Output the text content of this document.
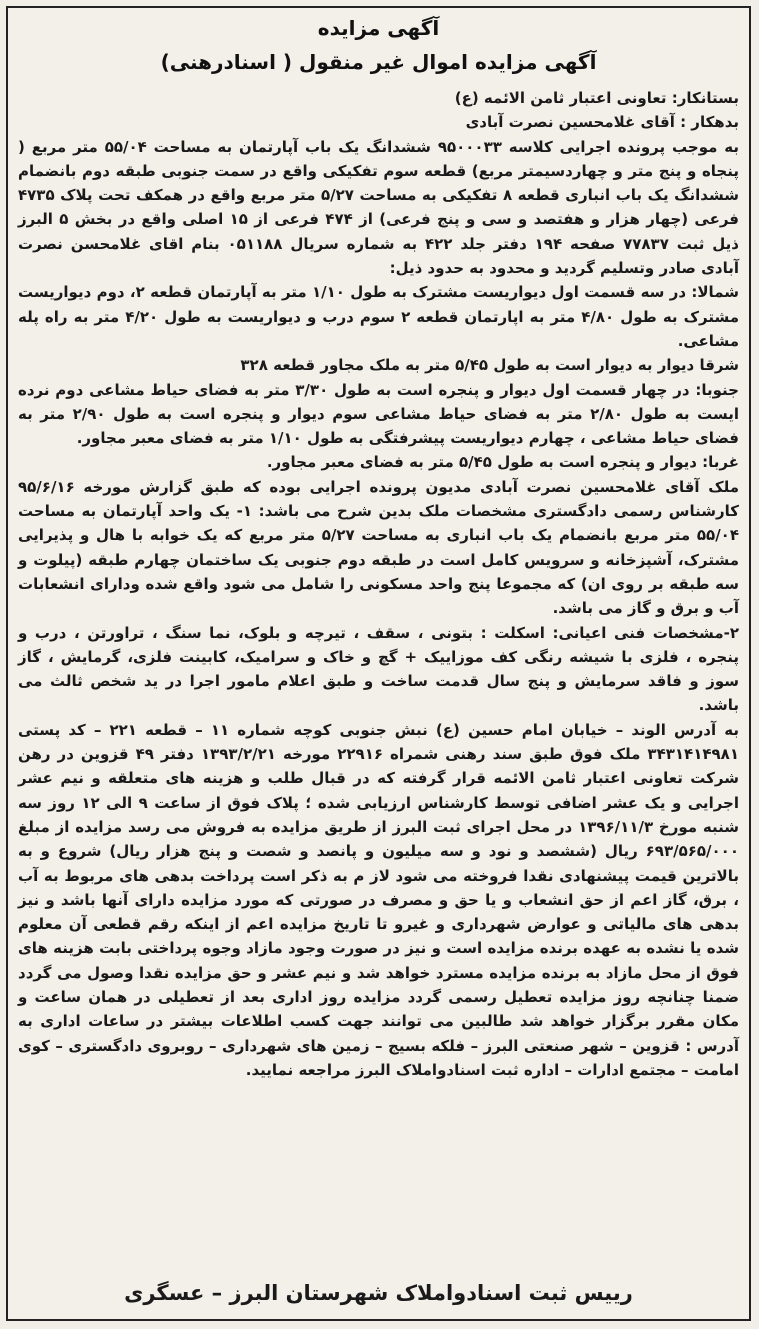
آگهی مزایده
آگهی مزایده اموال غیر منقول ( اسنادرهنی)

بستانکار: تعاونی اعتبار ثامن الائمه (ع)

بدهکار : آقای غلامحسین نصرت آبادی

به موجب پرونده اجرایی کلاسه ۹۵۰۰۰۳۳ ششدانگ یک باب آپارتمان به مساحت ۵۵/۰۴ متر مربع ( پنجاه و پنج متر و چهاردسیمتر مربع) قطعه سوم تفکیکی واقع در سمت جنوبی طبقه دوم بانضمام ششدانگ یک باب انباری قطعه ۸ تفکیکی به مساحت ۵/۲۷ متر مربع واقع در همکف تحت پلاک ۴۷۳۵ فرعی (چهار هزار و هفتصد و سی و پنج فرعی) از ۴۷۴ فرعی از ۱۵ اصلی واقع در بخش ۵ البرز ذیل ثبت ۷۷۸۳۷ صفحه ۱۹۴ دفتر جلد ۴۲۲ به شماره سریال ۰۵۱۱۸۸ بنام اقای غلامحسن نصرت آبادی صادر وتسلیم گردید و محدود به حدود ذیل:

شمالا: در سه قسمت اول دیواریست مشترک به طول ۱/۱۰ متر به آپارتمان قطعه ۲، دوم دیواریست مشترک به طول ۴/۸۰ متر به اپارتمان قطعه ۲ سوم درب و دیواریست به طول ۴/۲۰ متر به راه پله مشاعی.

شرقا دیوار به دیوار است به طول ۵/۴۵ متر به ملک مجاور قطعه ۳۲۸

جنوبا: در چهار قسمت اول دیوار و پنجره است به طول ۳/۳۰ متر به فضای حیاط مشاعی دوم نرده ایست به طول ۲/۸۰ متر به فضای حیاط مشاعی سوم دیوار و پنجره است به طول ۲/۹۰ متر به فضای حیاط مشاعی ، چهارم دیواریست پیشرفتگی به طول ۱/۱۰ متر به فضای معبر مجاور.

غربا: دیوار و پنجره است به طول ۵/۴۵ متر به فضای معبر مجاور.

ملک آقای غلامحسین نصرت آبادی مدیون پرونده اجرایی بوده که طبق گزارش مورخه ۹۵/۶/۱۶ کارشناس رسمی دادگستری مشخصات ملک بدین شرح می باشد: ۱- یک واحد آپارتمان به مساحت ۵۵/۰۴ متر مربع بانضمام یک باب انباری به مساحت ۵/۲۷ متر مربع که یک خوابه با هال و پذیرایی مشترک، آشپزخانه و سرویس کامل است در طبقه دوم جنوبی یک ساختمان چهارم طبقه (پیلوت و سه طبقه بر روی ان) که مجموعا پنج واحد مسکونی را شامل می شود واقع شده ودارای انشعابات آب و برق و گاز می باشد.

۲-مشخصات فنی اعیانی: اسکلت : بتونی ، سقف ، تیرچه و بلوک، نما سنگ ، تراورتن ، درب و پنجره ، فلزی با شیشه رنگی کف موزاییک + گچ و خاک و سرامیک، کابینت فلزی، گرمایش ، گاز سوز و فاقد سرمایش و پنج سال قدمت ساخت و طبق اعلام مامور اجرا در ید شخص ثالث می باشد.

به آدرس الوند – خیابان امام حسین (ع) نبش جنوبی کوچه شماره ۱۱ – قطعه ۲۲۱ – کد پستی ۳۴۳۱۴۱۴۹۸۱ ملک فوق طبق سند رهنی شمراه ۲۲۹۱۶ مورخه ۱۳۹۳/۲/۲۱ دفتر ۴۹ قزوین در رهن شرکت تعاونی اعتبار ثامن الائمه قرار گرفته که در قبال طلب و هزینه های متعلقه و نیم عشر اجرایی و یک عشر اضافی توسط کارشناس ارزیابی شده ؛ پلاک فوق از ساعت ۹ الی ۱۲ روز سه شنبه مورخ ۱۳۹۶/۱۱/۳ در محل اجرای ثبت البرز از طریق مزایده به فروش می رسد مزایده از مبلغ ۶۹۳/۵۶۵/۰۰۰ ریال (ششصد و نود و سه میلیون و پانصد و شصت و پنج هزار ریال) شروع و به بالاترین قیمت پیشنهادی نقدا فروخته می شود لاز م به ذکر است پرداخت بدهی های مربوط به آب ، برق، گاز اعم از حق انشعاب و یا حق و مصرف در صورتی که مورد مزایده دارای آنها باشد و نیز بدهی های مالیاتی و عوارض شهرداری و غیرو تا تاریخ مزایده اعم از اینکه رقم قطعی آن معلوم شده یا نشده به عهده برنده مزایده است و نیز در صورت وجود مازاد وجوه پرداختی بابت هزینه های فوق از محل مازاد به برنده مزایده مسترد خواهد شد و نیم عشر و حق مزایده نقدا وصول می گردد ضمنا چنانچه روز مزایده تعطیل رسمی گردد مزایده روز اداری بعد از تعطیلی در همان ساعت و مکان مقرر برگزار خواهد شد طالبین می توانند جهت کسب اطلاعات بیشتر در ساعات اداری به آدرس : قزوین – شهر صنعتی البرز – فلکه بسیج – زمین های شهرداری – روبروی دادگستری – کوی امامت – مجتمع ادارات – اداره ثبت اسنادواملاک البرز مراجعه نمایید.

رییس ثبت اسنادواملاک شهرستان البرز – عسگری
